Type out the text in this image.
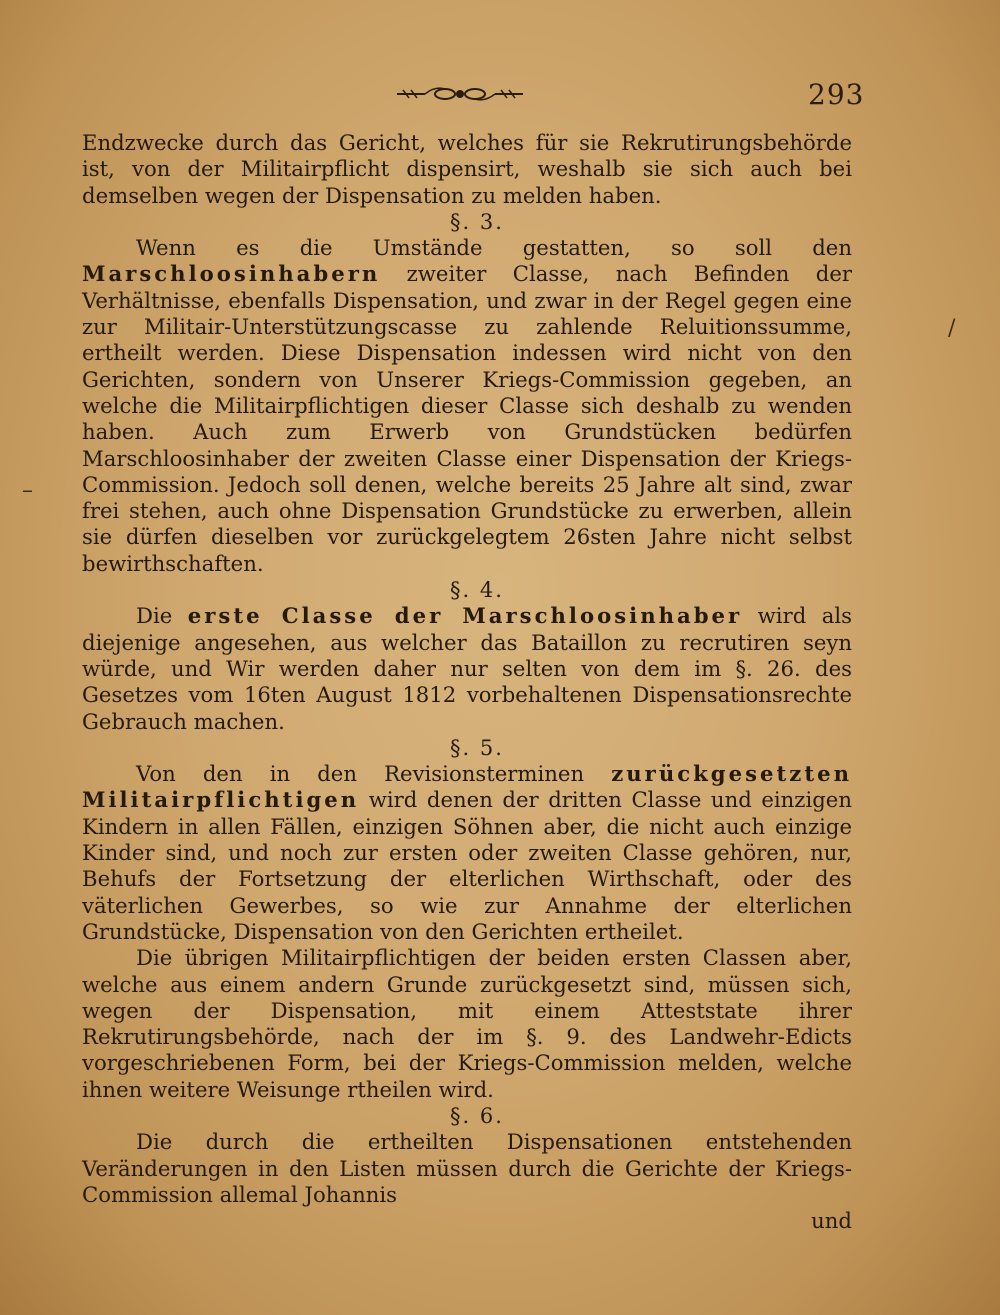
293

Endzwecke durch das Gericht, welches für sie Rekrutirungsbehörde ist, von der Militairpflicht dispensirt, weshalb sie sich auch bei demselben wegen der Dispensation zu melden haben.

§. 3.

Wenn es die Umstände gestatten, so soll den Marschloosinhabern zweiter Classe, nach Befinden der Verhältnisse, ebenfalls Dispensation, und zwar in der Regel gegen eine zur Militair-Unterstützungscasse zu zahlende Reluitionssumme, ertheilt werden. Diese Dispensation indessen wird nicht von den Gerichten, sondern von Unserer Kriegs-Commission gegeben, an welche die Militairpflichtigen dieser Classe sich deshalb zu wenden haben. Auch zum Erwerb von Grundstücken bedürfen Marschloosinhaber der zweiten Classe einer Dispensation der Kriegs-Commission. Jedoch soll denen, welche bereits 25 Jahre alt sind, zwar frei stehen, auch ohne Dispensation Grundstücke zu erwerben, allein sie dürfen dieselben vor zurückgelegtem 26sten Jahre nicht selbst bewirthschaften.

§. 4.

Die erste Classe der Marschloosinhaber wird als diejenige angesehen, aus welcher das Bataillon zu recrutiren seyn würde, und Wir werden daher nur selten von dem im §. 26. des Gesetzes vom 16ten August 1812 vorbehaltenen Dispensationsrechte Gebrauch machen.

§. 5.

Von den in den Revisionsterminen zurückgesetzten Militairpflichtigen wird denen der dritten Classe und einzigen Kindern in allen Fällen, einzigen Söhnen aber, die nicht auch einzige Kinder sind, und noch zur ersten oder zweiten Classe gehören, nur, Behufs der Fortsetzung der elterlichen Wirthschaft, oder des väterlichen Gewerbes, so wie zur Annahme der elterlichen Grundstücke, Dispensation von den Gerichten ertheilet.

Die übrigen Militairpflichtigen der beiden ersten Classen aber, welche aus einem andern Grunde zurückgesetzt sind, müssen sich, wegen der Dispensation, mit einem Atteststate ihrer Rekrutirungsbehörde, nach der im §. 9. des Landwehr-Edicts vorgeschriebenen Form, bei der Kriegs-Commission melden, welche ihnen weitere Weisunge rtheilen wird.

§. 6.

Die durch die ertheilten Dispensationen entstehenden Veränderungen in den Listen müssen durch die Gerichte der Kriegs-Commission allemal Johannis

und

–
/
